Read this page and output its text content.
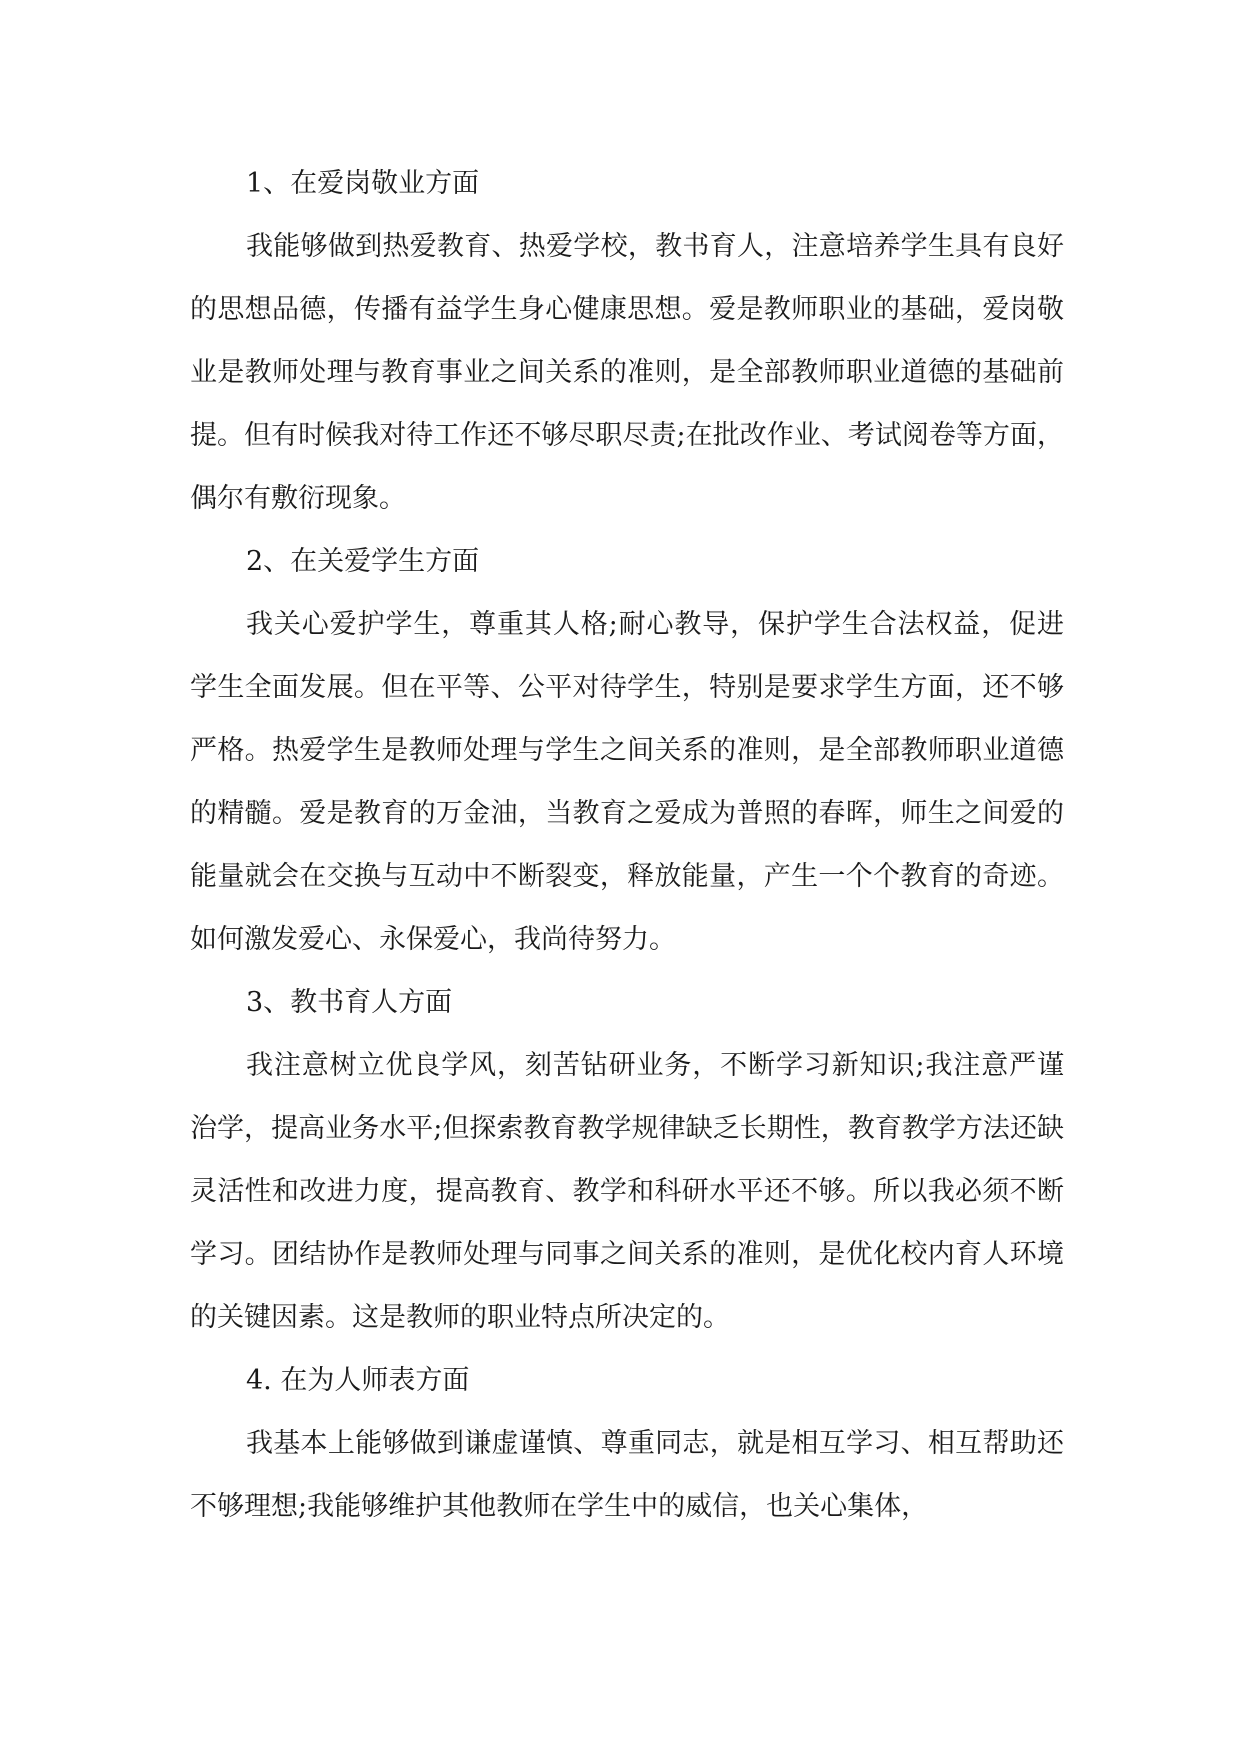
1、在爱岗敬业方面

我能够做到热爱教育、热爱学校，教书育人，注意培养学生具有良好的思想品德，传播有益学生身心健康思想。爱是教师职业的基础，爱岗敬业是教师处理与教育事业之间关系的准则，是全部教师职业道德的基础前提。但有时候我对待工作还不够尽职尽责;在批改作业、考试阅卷等方面，偶尔有敷衍现象。

2、在关爱学生方面

我关心爱护学生，尊重其人格;耐心教导，保护学生合法权益，促进学生全面发展。但在平等、公平对待学生，特别是要求学生方面，还不够严格。热爱学生是教师处理与学生之间关系的准则，是全部教师职业道德的精髓。爱是教育的万金油，当教育之爱成为普照的春晖，师生之间爱的能量就会在交换与互动中不断裂变，释放能量，产生一个个教育的奇迹。如何激发爱心、永保爱心，我尚待努力。

3、教书育人方面

我注意树立优良学风，刻苦钻研业务，不断学习新知识;我注意严谨治学，提高业务水平;但探索教育教学规律缺乏长期性，教育教学方法还缺灵活性和改进力度，提高教育、教学和科研水平还不够。所以我必须不断学习。团结协作是教师处理与同事之间关系的准则，是优化校内育人环境的关键因素。这是教师的职业特点所决定的。

4. 在为人师表方面

我基本上能够做到谦虚谨慎、尊重同志，就是相互学习、相互帮助还不够理想;我能够维护其他教师在学生中的威信，也关心集体，
